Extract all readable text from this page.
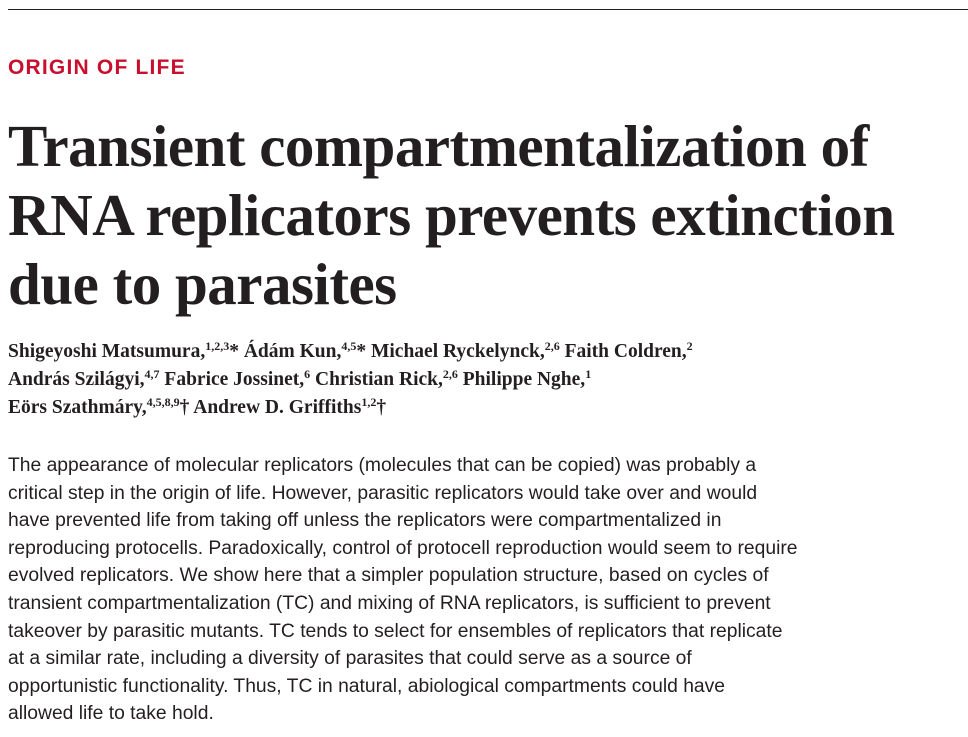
ORIGIN OF LIFE
Transient compartmentalization of
RNA replicators prevents extinction
due to parasites
Shigeyoshi Matsumura,$^{1,2,3}$* Ádám Kun,$^{4,5}$* Michael Ryckelynck,$^{2,6}$ Faith Coldren,$^2$
András Szilágyi,$^{4,7}$ Fabrice Jossinet,$^6$ Christian Rick,$^{2,6}$ Philippe Nghe,$^1$
Eörs Szathmáry,$^{4,5,8,9}$† Andrew D. Griffiths$^{1,2}$†
The appearance of molecular replicators (molecules that can be copied) was probably a
critical step in the origin of life. However, parasitic replicators would take over and would
have prevented life from taking off unless the replicators were compartmentalized in
reproducing protocells. Paradoxically, control of protocell reproduction would seem to require
evolved replicators. We show here that a simpler population structure, based on cycles of
transient compartmentalization (TC) and mixing of RNA replicators, is sufficient to prevent
takeover by parasitic mutants. TC tends to select for ensembles of replicators that replicate
at a similar rate, including a diversity of parasites that could serve as a source of
opportunistic functionality. Thus, TC in natural, abiological compartments could have
allowed life to take hold.
